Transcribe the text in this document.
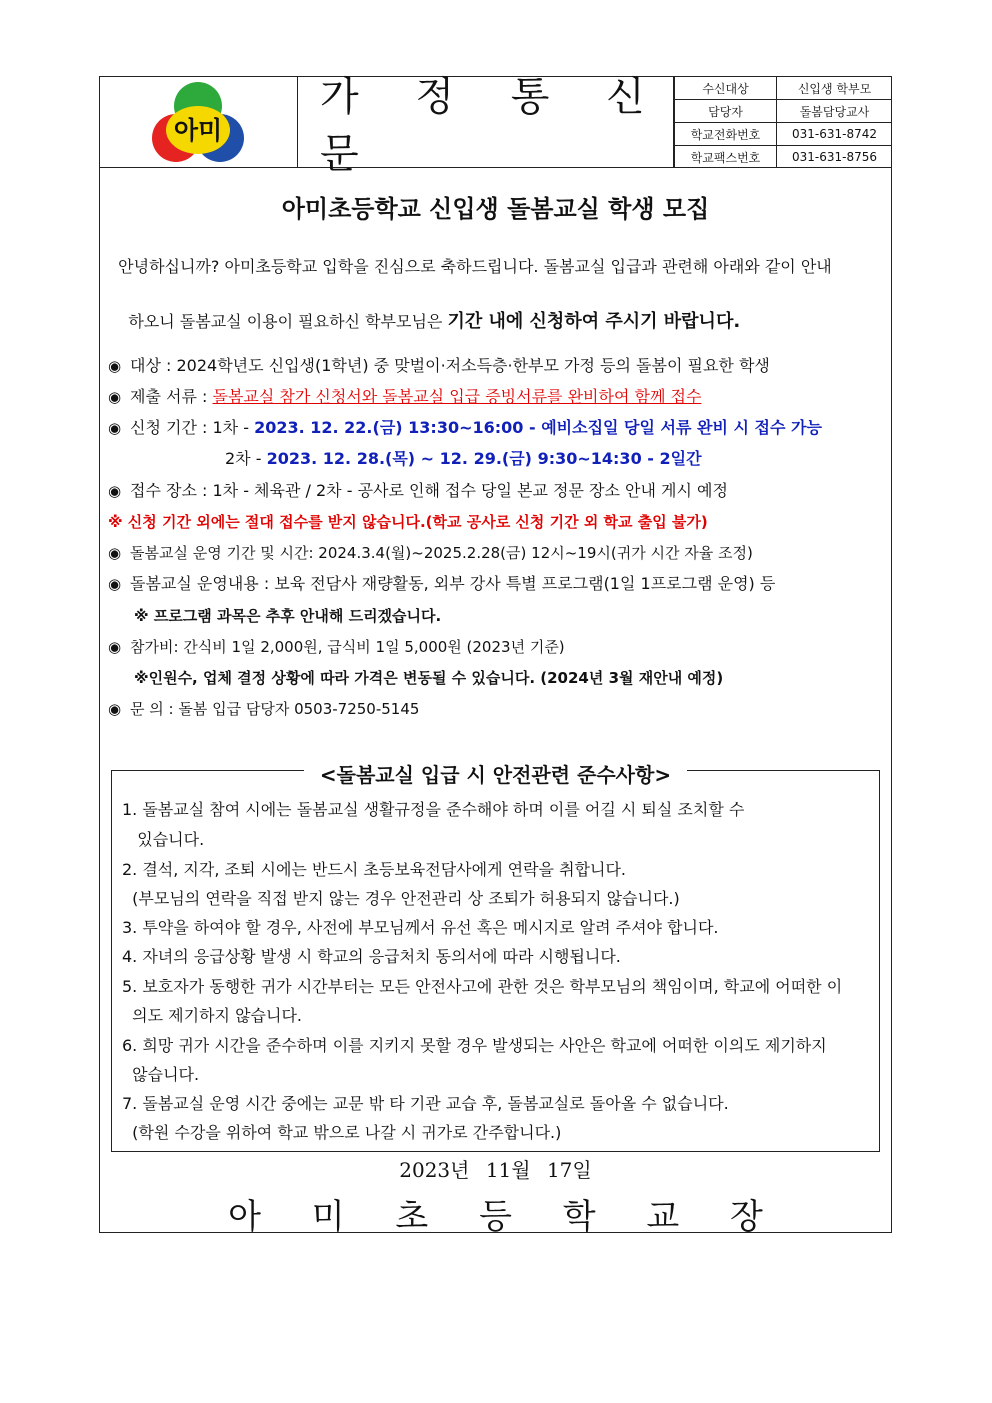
아미
가 정 통 신 문
수신대상	신입생 학부모
담당자	돌봄담당교사
학교전화번호	031-631-8742
학교팩스번호	031-631-8756
아미초등학교 신입생 돌봄교실 학생 모집
안녕하십니까? 아미초등학교 입학을 진심으로 축하드립니다. 돌봄교실 입급과 관련해 아래와 같이 안내

하오니 돌봄교실 이용이 필요하신 학부모님은 기간 내에 신청하여 주시기 바랍니다.

◉ 대상 : 2024학년도 신입생(1학년) 중 맞벌이·저소득층·한부모 가정 등의 돌봄이 필요한 학생
◉ 제출 서류 : 돌봄교실 참가 신청서와 돌봄교실 입급 증빙서류를 완비하여 함께 접수
◉ 신청 기간 : 1차 - 2023. 12. 22.(금) 13:30~16:00 - 예비소집일 당일 서류 완비 시 접수 가능
2차 - 2023. 12. 28.(목) ~ 12. 29.(금) 9:30~14:30 - 2일간
◉ 접수 장소 : 1차 - 체육관 / 2차 - 공사로 인해 접수 당일 본교 정문 장소 안내 게시 예정
※ 신청 기간 외에는 절대 접수를 받지 않습니다.(학교 공사로 신청 기간 외 학교 출입 불가)
◉ 돌봄교실 운영 기간 및 시간: 2024.3.4(월)~2025.2.28(금) 12시~19시(귀가 시간 자율 조정)
◉ 돌봄교실 운영내용 : 보육 전담사 재량활동, 외부 강사 특별 프로그램(1일 1프로그램 운영) 등
※ 프로그램 과목은 추후 안내해 드리겠습니다.
◉ 참가비: 간식비 1일 2,000원, 급식비 1일 5,000원 (2023년 기준)
※인원수, 업체 결정 상황에 따라 가격은 변동될 수 있습니다. (2024년 3월 재안내 예정)
◉ 문 의 : 돌봄 입급 담당자 0503-7250-5145
<돌봄교실 입급 시 안전관련 준수사항>
1. 돌봄교실 참여 시에는 돌봄교실 생활규정을 준수해야 하며 이를 어길 시 퇴실 조치할 수
있습니다.
2. 결석, 지각, 조퇴 시에는 반드시 초등보육전담사에게 연락을 취합니다.
(부모님의 연락을 직접 받지 않는 경우 안전관리 상 조퇴가 허용되지 않습니다.)
3. 투약을 하여야 할 경우, 사전에 부모님께서 유선 혹은 메시지로 알려 주셔야 합니다.
4. 자녀의 응급상황 발생 시 학교의 응급처치 동의서에 따라 시행됩니다.
5. 보호자가 동행한 귀가 시간부터는 모든 안전사고에 관한 것은 학부모님의 책임이며, 학교에 어떠한 이
의도 제기하지 않습니다.
6. 희망 귀가 시간을 준수하며 이를 지키지 못할 경우 발생되는 사안은 학교에 어떠한 이의도 제기하지
않습니다.
7. 돌봄교실 운영 시간 중에는 교문 밖 타 기관 교습 후, 돌봄교실로 돌아올 수 없습니다.
(학원 수강을 위하여 학교 밖으로 나갈 시 귀가로 간주합니다.)
2023년 11월 17일
아 미 초 등 학 교 장
